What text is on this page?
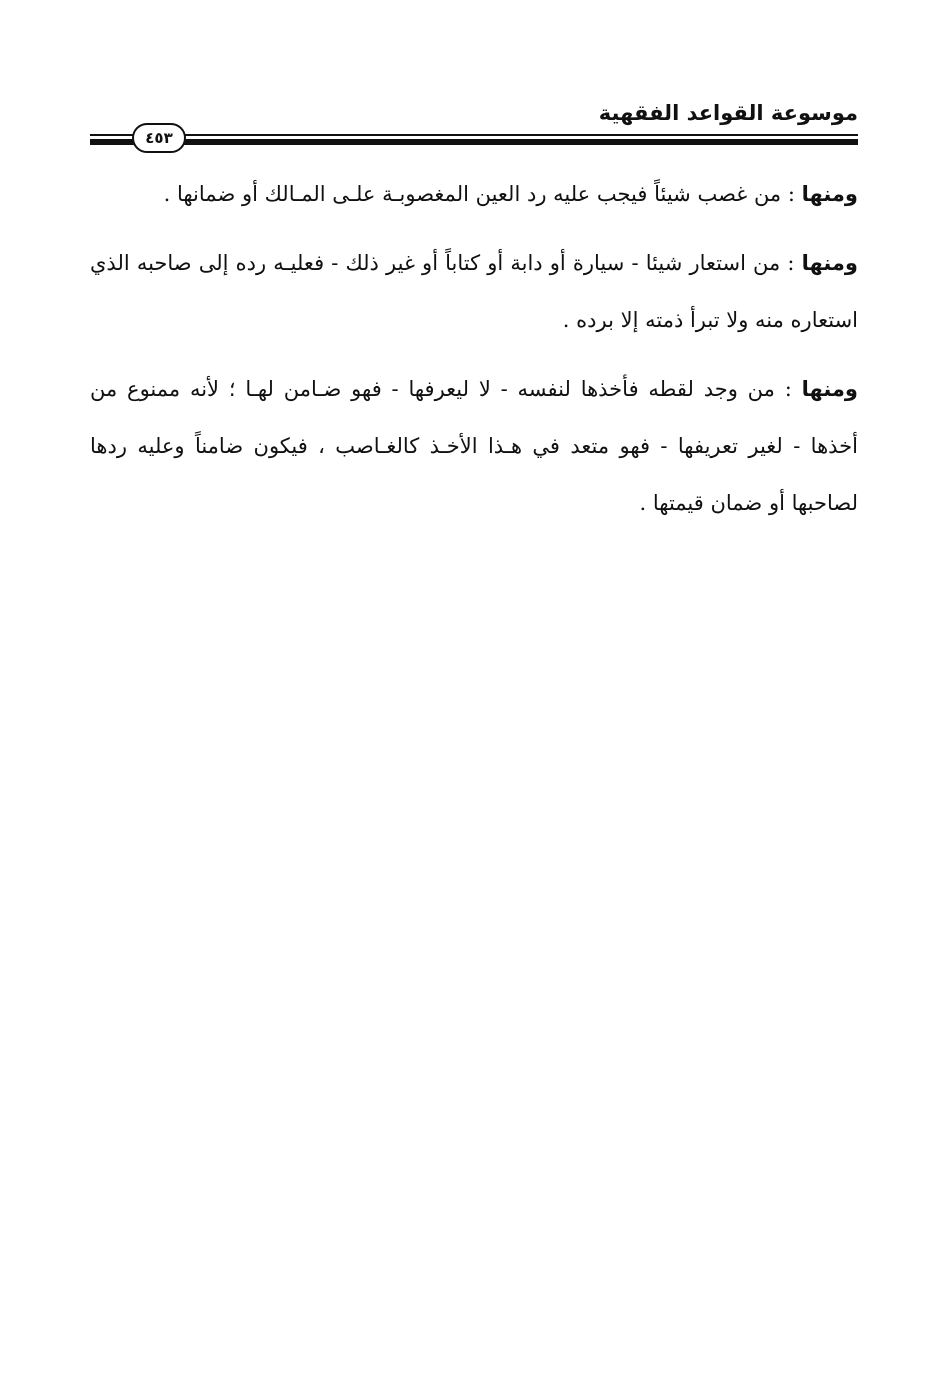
موسوعة القواعد الفقهية
٤٥٣

ومنها : من غصب شيئاً فيجب عليه رد العين المغصوبـة علـى المـالك أو ضمانها .

ومنها : من استعار شيئا - سيارة أو دابة أو كتاباً أو غير ذلك - فعليـه رده إلى صاحبه الذي استعاره منه ولا تبرأ ذمته إلا برده .

ومنها : من وجد لقطه فأخذها لنفسه - لا ليعرفها - فهو ضـامن لهـا ؛ لأنه ممنوع من أخذها - لغير تعريفها - فهو متعد في هـذا الأخـذ كالغـاصب ، فيكون ضامناً وعليه ردها لصاحبها أو ضمان قيمتها .
